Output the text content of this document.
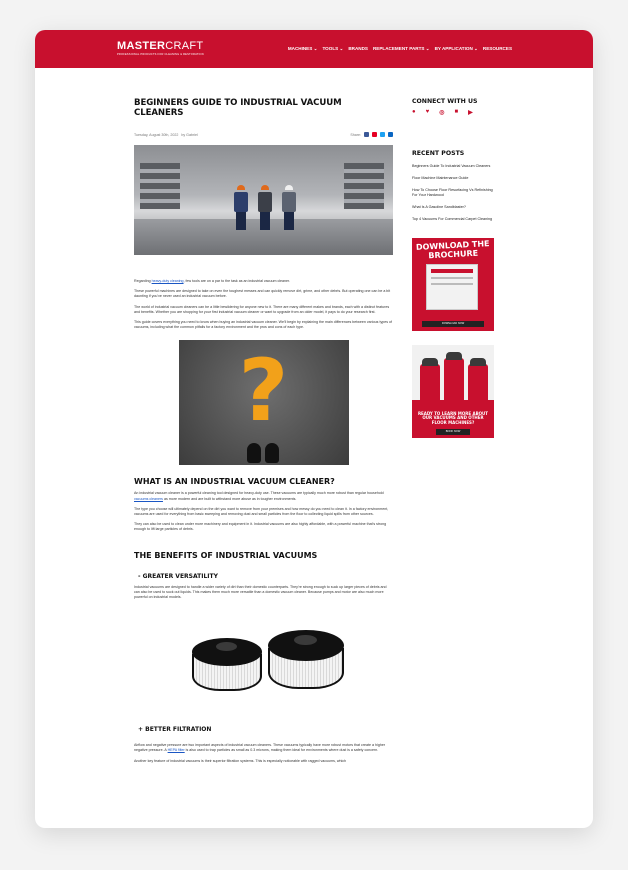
MASTERCRAFT
PROFESSIONAL PRODUCTS FOR CLEANING & RESTORATION
MACHINES ⌄ TOOLS ⌄ BRANDS REPLACEMENT PARTS ⌄ BY APPLICATION ⌄ RESOURCES
BEGINNERS GUIDE TO INDUSTRIAL VACUUM CLEANERS
Tuesday, August 30th, 2022 by Gabriel	Share:

Regarding heavy-duty cleaning, few tools are on a par to the task as an industrial vacuum cleaner.

These powerful machines are designed to take on even the toughest messes and can quickly remove dirt, grime, and other debris. But operating one can be a bit daunting if you've never used an industrial vacuum before.

The world of industrial vacuum cleaners can be a little bewildering for anyone new to it. There are many different makes and brands, each with a distinct features and benefits. Whether you are shopping for your first industrial vacuum cleaner or want to upgrade from an older model, it pays to do your research first.

This guide covers everything you need to know when buying an industrial vacuum cleaner. We'll begin by explaining the main differences between various types of vacuums, including what the common pitfalls for a factory environment and the pros and cons of each type.

?
WHAT IS AN INDUSTRIAL VACUUM CLEANER?

An industrial vacuum cleaner is a powerful cleaning tool designed for heavy-duty use. These vacuums are typically much more robust than regular household vacuums cleaners as more modern and are built to withstand more abuse as in tougher environments.

The type you choose will ultimately depend on the dirt you want to remove from your premises and how messy do you need to clean it. In a factory environment, vacuums are used for everything from basic sweeping and removing dust and small particles from the floor to collecting liquid spills from other sources.

They can also be used to clean under more machinery and equipment in it. Industrial vacuums are also highly affordable, with a powerful machine that's strong enough to lift large particles of debris.

THE BENEFITS OF INDUSTRIAL VACUUMS
- GREATER VERSATILITY

Industrial vacuums are designed to handle a wider variety of dirt than their domestic counterparts. They're strong enough to suck up larger pieces of debris and can also be used to suck out liquids. This makes them much more versatile than a domestic vacuum cleaner. Because pumps and motor are also much more powerful on industrial models.

+ BETTER FILTRATION

Airflow and negative pressure are two important aspects of industrial vacuum cleaners. These vacuums typically have more robust motors that create a higher negative pressure. A HEPA filter is also used to trap particles as small as 0.3 microns, making them ideal for environments where dust is a safety concern.

Another key feature of industrial vacuums is their superior filtration systems. This is especially noticeable with ragged vacuums, which

CONNECT WITH US
● ♥ ◎ ■ ▶
RECENT POSTS
Beginners Guide To Industrial Vacuum Cleaners
Floor Machine Maintenance Guide
How To Choose Floor Resurfacing Vs Refinishing For Your Hardwood
What Is A Gasoline Sandblaster?
Top 4 Vacuums For Commercial Carpet Cleaning
DOWNLOAD THE BROCHURE
DOWNLOAD NOW
READY TO LEARN MORE ABOUT OUR VACUUMS AND OTHER FLOOR MACHINES?
BOOK NOW
